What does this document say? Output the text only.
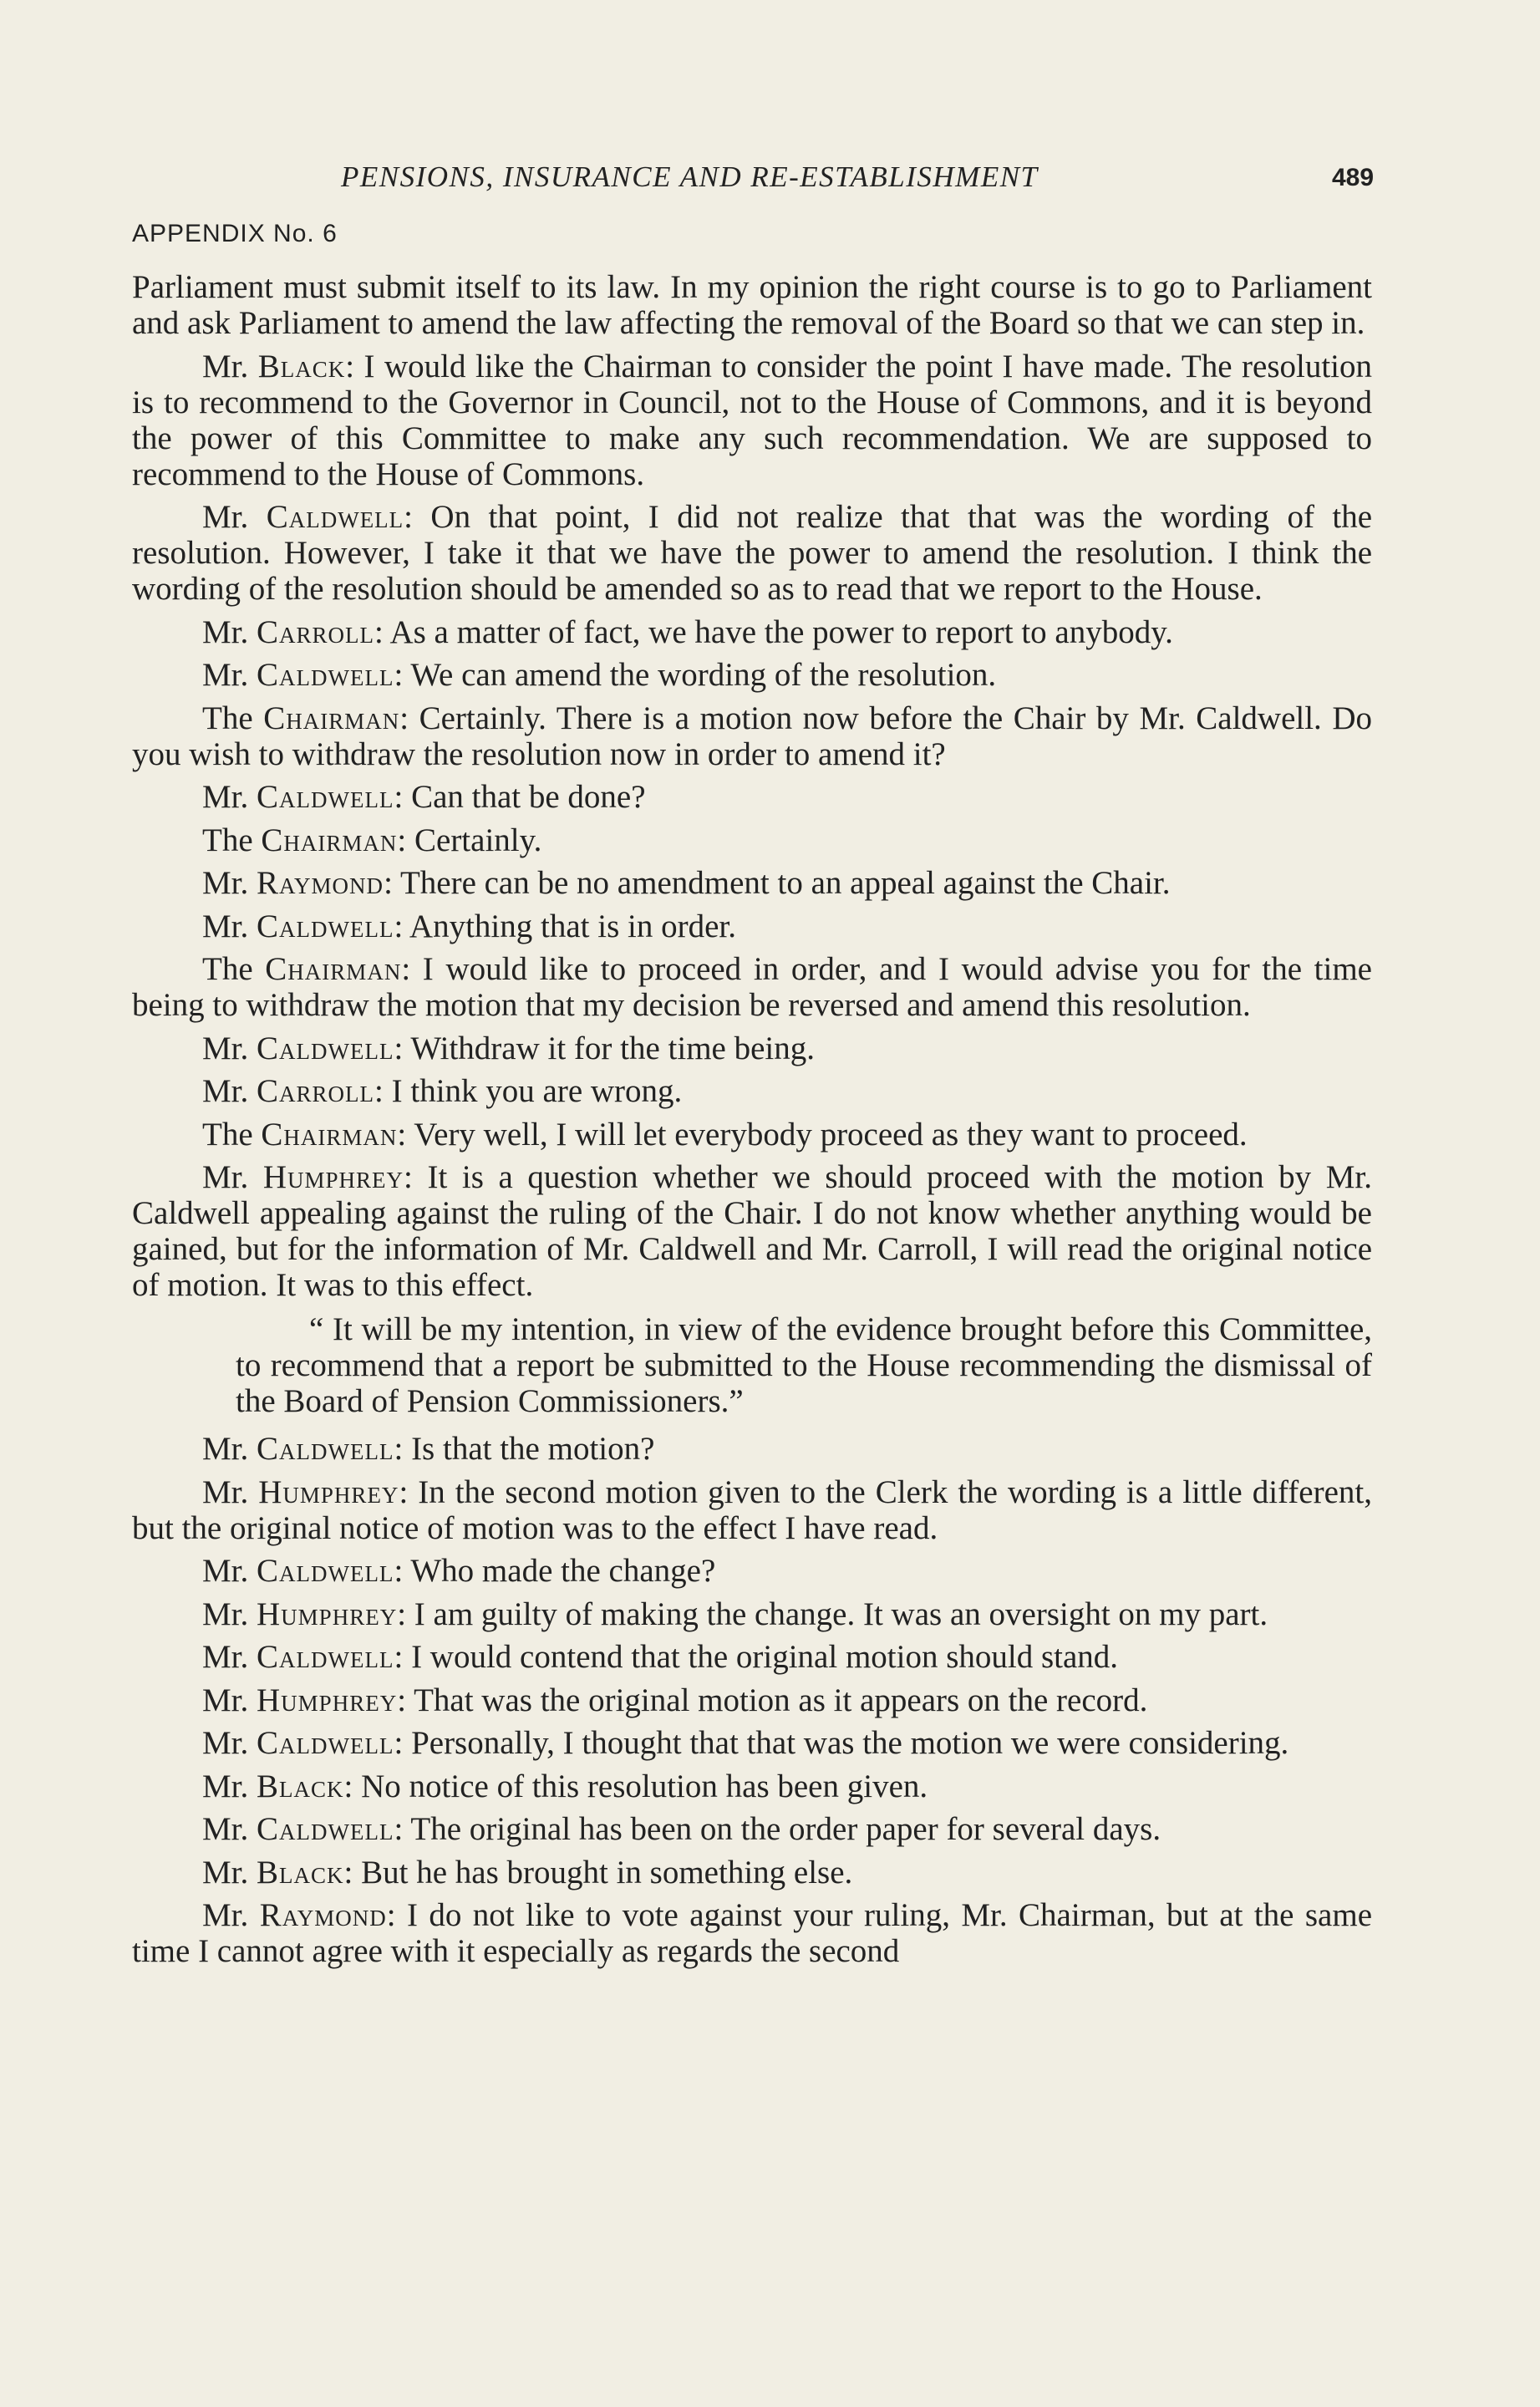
PENSIONS, INSURANCE AND RE-ESTABLISHMENT	489
APPENDIX No. 6

Parliament must submit itself to its law. In my opinion the right course is to go to Parliament and ask Parliament to amend the law affecting the removal of the Board so that we can step in.

Mr. Black: I would like the Chairman to consider the point I have made. The resolution is to recommend to the Governor in Council, not to the House of Commons, and it is beyond the power of this Committee to make any such recommendation. We are supposed to recommend to the House of Commons.

Mr. Caldwell: On that point, I did not realize that that was the wording of the resolution. However, I take it that we have the power to amend the resolution. I think the wording of the resolution should be amended so as to read that we report to the House.

Mr. Carroll: As a matter of fact, we have the power to report to anybody.

Mr. Caldwell: We can amend the wording of the resolution.

The Chairman: Certainly. There is a motion now before the Chair by Mr. Caldwell. Do you wish to withdraw the resolution now in order to amend it?

Mr. Caldwell: Can that be done?

The Chairman: Certainly.

Mr. Raymond: There can be no amendment to an appeal against the Chair.

Mr. Caldwell: Anything that is in order.

The Chairman: I would like to proceed in order, and I would advise you for the time being to withdraw the motion that my decision be reversed and amend this resolution.

Mr. Caldwell: Withdraw it for the time being.

Mr. Carroll: I think you are wrong.

The Chairman: Very well, I will let everybody proceed as they want to proceed.

Mr. Humphrey: It is a question whether we should proceed with the motion by Mr. Caldwell appealing against the ruling of the Chair. I do not know whether anything would be gained, but for the information of Mr. Caldwell and Mr. Carroll, I will read the original notice of motion. It was to this effect.

“ It will be my intention, in view of the evidence brought before this Committee, to recommend that a report be submitted to the House recommending the dismissal of the Board of Pension Commissioners.”

Mr. Caldwell: Is that the motion?

Mr. Humphrey: In the second motion given to the Clerk the wording is a little different, but the original notice of motion was to the effect I have read.

Mr. Caldwell: Who made the change?

Mr. Humphrey: I am guilty of making the change. It was an oversight on my part.

Mr. Caldwell: I would contend that the original motion should stand.

Mr. Humphrey: That was the original motion as it appears on the record.

Mr. Caldwell: Personally, I thought that that was the motion we were considering.

Mr. Black: No notice of this resolution has been given.

Mr. Caldwell: The original has been on the order paper for several days.

Mr. Black: But he has brought in something else.

Mr. Raymond: I do not like to vote against your ruling, Mr. Chairman, but at the same time I cannot agree with it especially as regards the second
